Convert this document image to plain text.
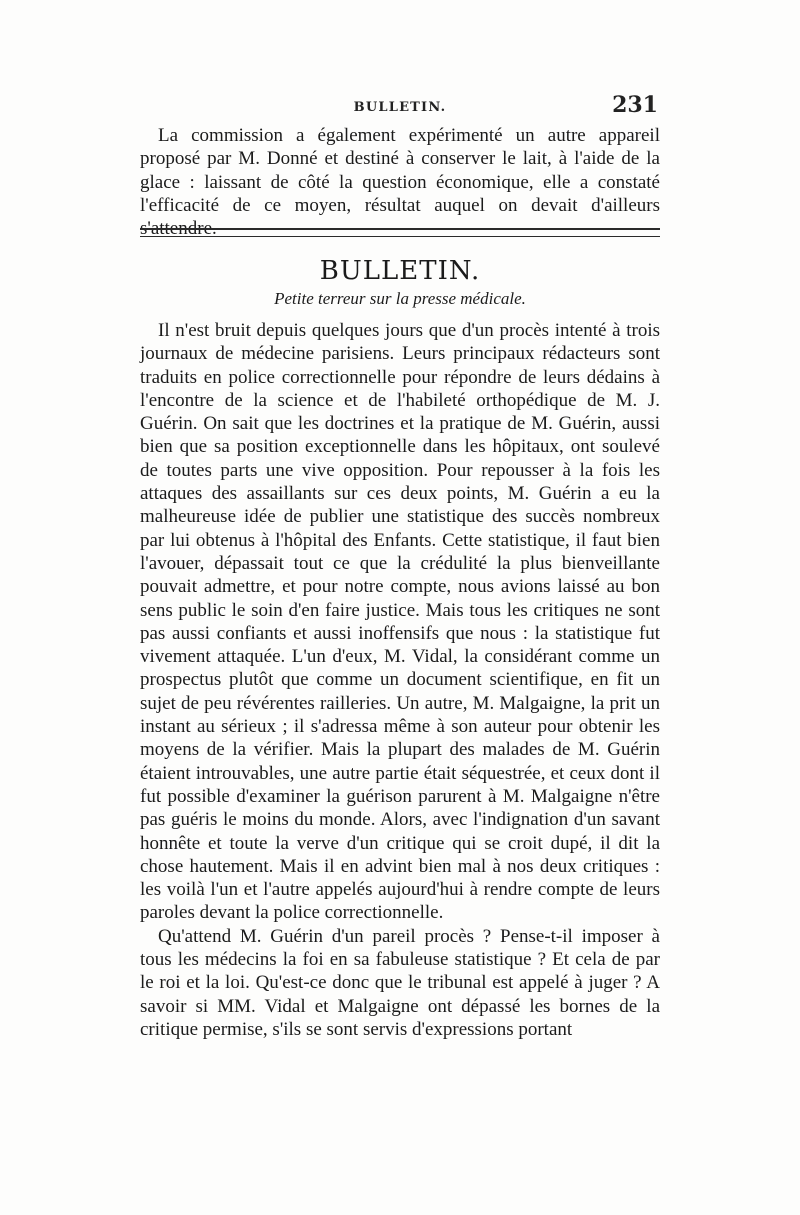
BULLETIN.	231

La commission a également expérimenté un autre appareil proposé par M. Donné et destiné à conserver le lait, à l'aide de la glace : laissant de côté la question économique, elle a constaté l'efficacité de ce moyen, résultat auquel on devait d'ailleurs s'attendre.

BULLETIN.
Petite terreur sur la presse médicale.

Il n'est bruit depuis quelques jours que d'un procès intenté à trois journaux de médecine parisiens. Leurs principaux rédacteurs sont traduits en police correctionnelle pour répondre de leurs dédains à l'encontre de la science et de l'habileté orthopédique de M. J. Guérin. On sait que les doctrines et la pratique de M. Guérin, aussi bien que sa position exceptionnelle dans les hôpitaux, ont soulevé de toutes parts une vive opposition. Pour repousser à la fois les attaques des assaillants sur ces deux points, M. Guérin a eu la malheureuse idée de publier une statistique des succès nombreux par lui obtenus à l'hôpital des Enfants. Cette statistique, il faut bien l'avouer, dépassait tout ce que la crédulité la plus bienveillante pouvait admettre, et pour notre compte, nous avions laissé au bon sens public le soin d'en faire justice. Mais tous les critiques ne sont pas aussi confiants et aussi inoffensifs que nous : la statistique fut vivement attaquée. L'un d'eux, M. Vidal, la considérant comme un prospectus plutôt que comme un document scientifique, en fit un sujet de peu révérentes railleries. Un autre, M. Malgaigne, la prit un instant au sérieux ; il s'adressa même à son auteur pour obtenir les moyens de la vérifier. Mais la plupart des malades de M. Guérin étaient introuvables, une autre partie était séquestrée, et ceux dont il fut possible d'examiner la guérison parurent à M. Malgaigne n'être pas guéris le moins du monde. Alors, avec l'indignation d'un savant honnête et toute la verve d'un critique qui se croit dupé, il dit la chose hautement. Mais il en advint bien mal à nos deux critiques : les voilà l'un et l'autre appelés aujourd'hui à rendre compte de leurs paroles devant la police correctionnelle.

Qu'attend M. Guérin d'un pareil procès ? Pense-t-il imposer à tous les médecins la foi en sa fabuleuse statistique ? Et cela de par le roi et la loi. Qu'est-ce donc que le tribunal est appelé à juger ? A savoir si MM. Vidal et Malgaigne ont dépassé les bornes de la critique permise, s'ils se sont servis d'expressions portant
